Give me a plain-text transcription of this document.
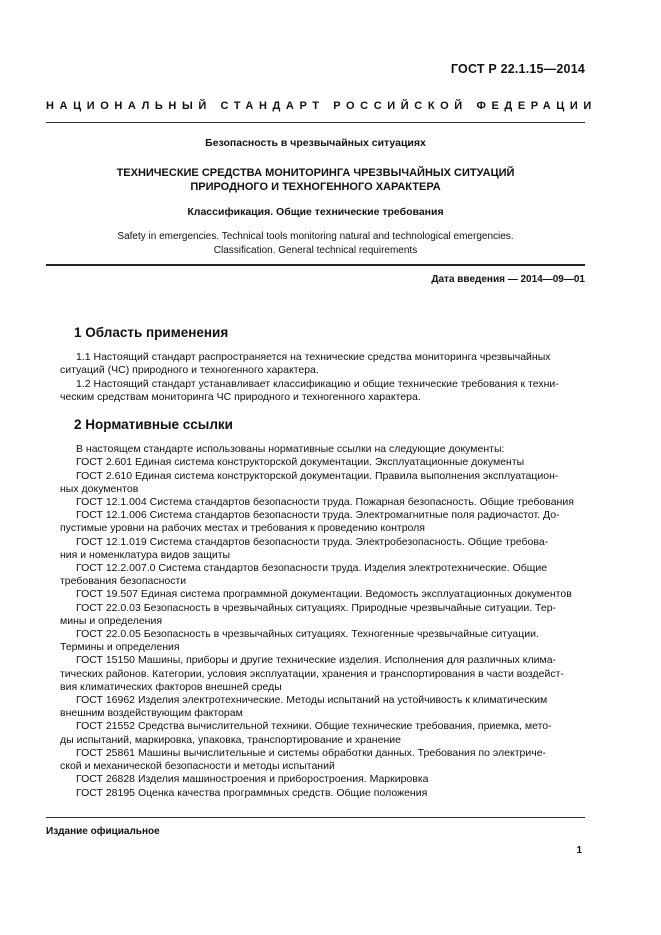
ГОСТ Р 22.1.15—2014
НАЦИОНАЛЬНЫЙ СТАНДАРТ РОССИЙСКОЙ ФЕДЕРАЦИИ
Безопасность в чрезвычайных ситуациях
ТЕХНИЧЕСКИЕ СРЕДСТВА МОНИТОРИНГА ЧРЕЗВЫЧАЙНЫХ СИТУАЦИЙ
ПРИРОДНОГО И ТЕХНОГЕННОГО ХАРАКТЕРА
Классификация. Общие технические требования
Safety in emergencies. Technical tools monitoring natural and technological emergencies.
Classification. General technical requirements
Дата введения — 2014—09—01
1 Область применения

1.1 Настоящий стандарт распространяется на технические средства мониторинга чрезвычайных
ситуаций (ЧС) природного и техногенного характера.

1.2 Настоящий стандарт устанавливает классификацию и общие технические требования к техни-
ческим средствам мониторинга ЧС природного и техногенного характера.

2 Нормативные ссылки

В настоящем стандарте использованы нормативные ссылки на следующие документы:

ГОСТ 2.601 Единая система конструкторской документации. Эксплуатационные документы

ГОСТ 2.610 Единая система конструкторской документации. Правила выполнения эксплуатацион-

ных документов

ГОСТ 12.1.004 Система стандартов безопасности труда. Пожарная безопасность. Общие требования

ГОСТ 12.1.006 Система стандартов безопасности труда. Электромагнитные поля радиочастот. До-

пустимые уровни на рабочих местах и требования к проведению контроля

ГОСТ 12.1.019 Система стандартов безопасности труда. Электробезопасность. Общие требова-

ния и номенклатура видов защиты

ГОСТ 12.2.007.0 Система стандартов безопасности труда. Изделия электротехнические. Общие

требования безопасности

ГОСТ 19.507 Единая система программной документации. Ведомость эксплуатационных документов

ГОСТ 22.0.03 Безопасность в чрезвычайных ситуациях. Природные чрезвычайные ситуации. Тер-

мины и определения

ГОСТ 22.0.05 Безопасность в чрезвычайных ситуациях. Техногенные чрезвычайные ситуации.

Термины и определения

ГОСТ 15150 Машины, приборы и другие технические изделия. Исполнения для различных клима-

тических районов. Категории, условия эксплуатации, хранения и транспортирования в части воздейст-

вия климатических факторов внешней среды

ГОСТ 16962 Изделия электротехнические. Методы испытаний на устойчивость к климатическим

внешним воздействующим факторам

ГОСТ 21552 Средства вычислительной техники. Общие технические требования, приемка, мето-

ды испытаний, маркировка, упаковка, транспортирование и хранение

ГОСТ 25861 Машины вычислительные и системы обработки данных. Требования по электриче-

ской и механической безопасности и методы испытаний

ГОСТ 26828 Изделия машиностроения и приборостроения. Маркировка

ГОСТ 28195 Оценка качества программных средств. Общие положения

Издание официальное
1
